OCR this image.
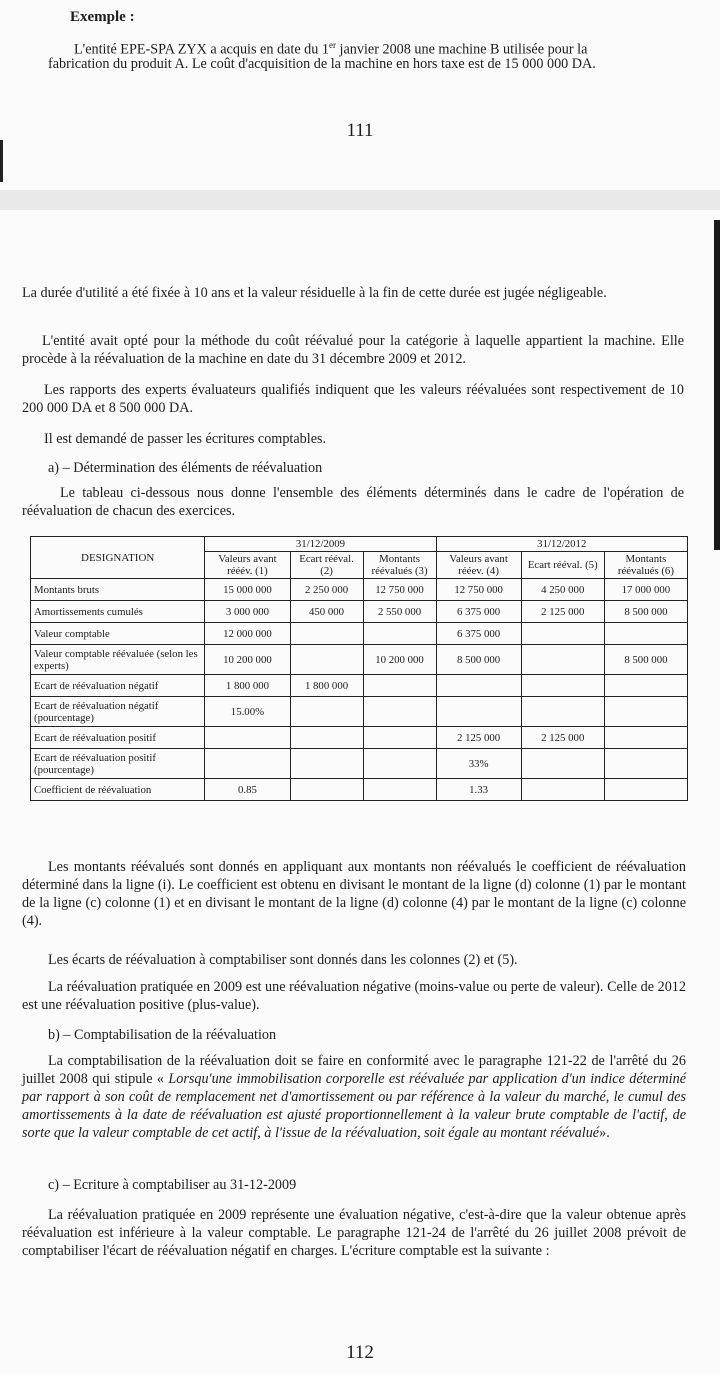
Exemple :
L'entité EPE-SPA ZYX a acquis en date du 1er janvier 2008 une machine B utilisée pour la
fabrication du produit A. Le coût d'acquisition de la machine en hors taxe est de 15 000 000 DA.
111
La durée d'utilité a été fixée à 10 ans et la valeur résiduelle à la fin de cette durée est jugée négligeable.
L'entité avait opté pour la méthode du coût réévalué pour la catégorie à laquelle appartient la machine. Elle procède à la réévaluation de la machine en date du 31 décembre 2009 et 2012.
Les rapports des experts évaluateurs qualifiés indiquent que les valeurs réévaluées sont respectivement de 10 200 000 DA et 8 500 000 DA.
Il est demandé de passer les écritures comptables.
a) – Détermination des éléments de réévaluation
Le tableau ci-dessous nous donne l'ensemble des éléments déterminés dans le cadre de l'opération de réévaluation de chacun des exercices.
DESIGNATION	31/12/2009			31/12/2012		
	Valeurs avant rééév. (1)	Ecart rééval. (2)	Montants réévalués (3)	Valeurs avant rééev. (4)	Ecart rééval. (5)	Montants réévalués (6)
Montants bruts	15 000 000	2 250 000	12 750 000	12 750 000	4 250 000	17 000 000
Amortissements cumulés	3 000 000	450 000	2 550 000	6 375 000	2 125 000	8 500 000
Valeur comptable	12 000 000			6 375 000		
Valeur comptable réévaluée (selon les experts)	10 200 000		10 200 000	8 500 000		8 500 000
Ecart de réévaluation négatif	1 800 000	1 800 000				
Ecart de réévaluation négatif (pourcentage)	15.00%					
Ecart de réévaluation positif				2 125 000	2 125 000	
Ecart de réévaluation positif (pourcentage)				33%		
Coefficient de réévaluation	0.85			1.33		
Les montants réévalués sont donnés en appliquant aux montants non réévalués le coefficient de réévaluation déterminé dans la ligne (i). Le coefficient est obtenu en divisant le montant de la ligne (d) colonne (1) par le montant de la ligne (c) colonne (1) et en divisant le montant de la ligne (d) colonne (4) par le montant de la ligne (c) colonne (4).
Les écarts de réévaluation à comptabiliser sont donnés dans les colonnes (2) et (5).
La réévaluation pratiquée en 2009 est une réévaluation négative (moins-value ou perte de valeur). Celle de 2012 est une réévaluation positive (plus-value).
b) – Comptabilisation de la réévaluation
La comptabilisation de la réévaluation doit se faire en conformité avec le paragraphe 121-22 de l'arrêté du 26 juillet 2008 qui stipule « Lorsqu'une immobilisation corporelle est réévaluée par application d'un indice déterminé par rapport à son coût de remplacement net d'amortissement ou par référence à la valeur du marché, le cumul des amortissements à la date de réévaluation est ajusté proportionnellement à la valeur brute comptable de l'actif, de sorte que la valeur comptable de cet actif, à l'issue de la réévaluation, soit égale au montant réévalué».
c) – Ecriture à comptabiliser au 31-12-2009
La réévaluation pratiquée en 2009 représente une évaluation négative, c'est-à-dire que la valeur obtenue après réévaluation est inférieure à la valeur comptable. Le paragraphe 121-24 de l'arrêté du 26 juillet 2008 prévoit de comptabiliser l'écart de réévaluation négatif en charges. L'écriture comptable est la suivante :
112
